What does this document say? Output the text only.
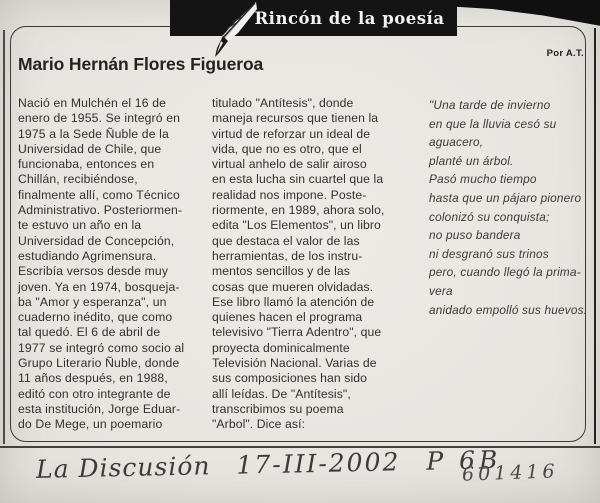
Rincón de la poesía
Por A.T.
Mario Hernán Flores Figueroa
Nació en Mulchén el 16 de
enero de 1955. Se integró en
1975 a la Sede Ñuble de la
Universidad de Chile, que
funcionaba, entonces en
Chillán, recibiéndose,
finalmente allí, como Técnico
Administrativo. Posteriormen-
te estuvo un año en la
Universidad de Concepción,
estudiando Agrimensura.
Escribía versos desde muy
joven. Ya en 1974, bosqueja-
ba "Amor y esperanza", un
cuaderno inédito, que como
tal quedó. El 6 de abril de
1977 se integró como socio al
Grupo Literario Ñuble, donde
11 años después, en 1988,
editó con otro integrante de
esta institución, Jorge Eduar-
do De Mege, un poemario
titulado "Antítesis", donde
maneja recursos que tienen la
virtud de reforzar un ideal de
vida, que no es otro, que el
virtual anhelo de salir airoso
en esta lucha sin cuartel que la
realidad nos impone. Poste-
riormente, en 1989, ahora solo,
edita "Los Elementos", un libro
que destaca el valor de las
herramientas, de los instru-
mentos sencillos y de las
cosas que mueren olvidadas.
Ese libro llamó la atención de
quienes hacen el programa
televisivo "Tierra Adentro", que
proyecta dominicalmente
Televisión Nacional. Varias de
sus composiciones han sido
allí leídas. De "Antítesis",
transcribimos su poema
"Arbol". Dice así:
"Una tarde de invierno
en que la lluvia cesó su
aguacero,
planté un árbol.
Pasó mucho tiempo
hasta que un pájaro pionero
colonizó su conquista;
no puso bandera
ni desgranó sus trinos
pero, cuando llegó la prima-
vera
anidado empolló sus huevos.
La Discusión 17-III-2002 P 6B
601416
